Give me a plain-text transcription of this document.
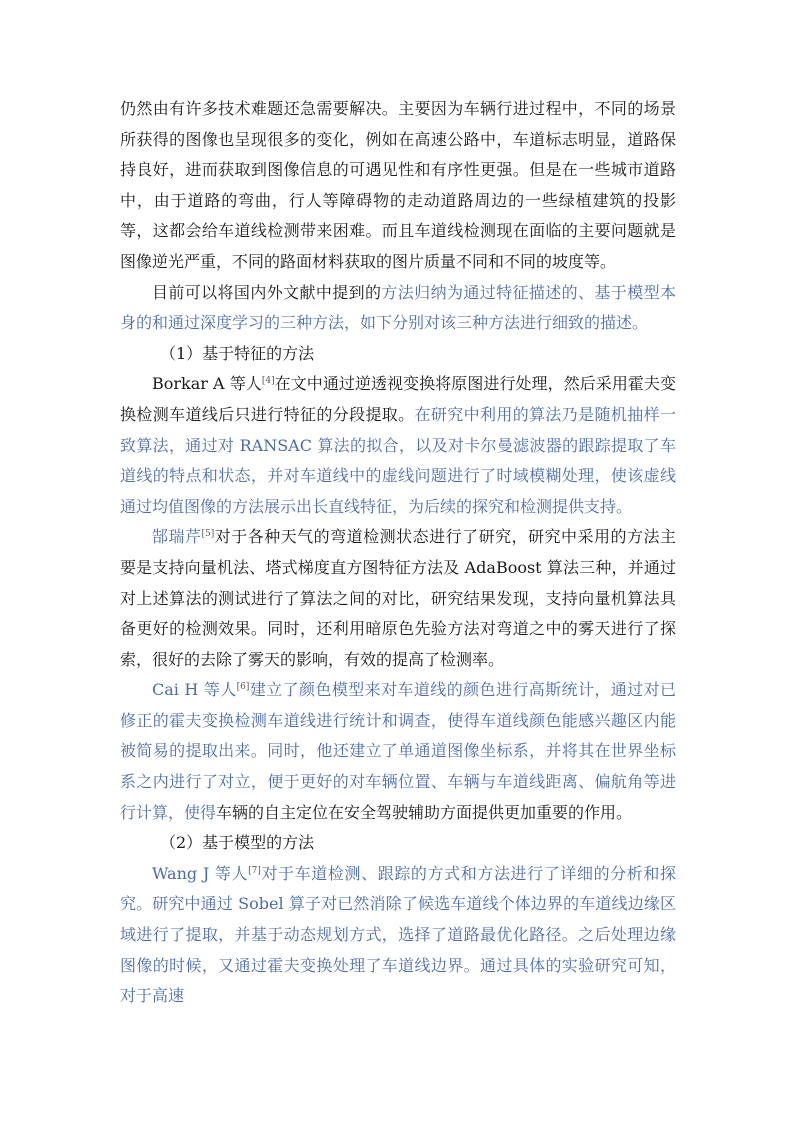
仍然由有许多技术难题还急需要解决。主要因为车辆行进过程中，不同的场景所获得的图像也呈现很多的变化，例如在高速公路中，车道标志明显，道路保持良好，进而获取到图像信息的可遇见性和有序性更强。但是在一些城市道路中，由于道路的弯曲，行人等障碍物的走动道路周边的一些绿植建筑的投影等，这都会给车道线检测带来困难。而且车道线检测现在面临的主要问题就是图像逆光严重，不同的路面材料获取的图片质量不同和不同的坡度等。

目前可以将国内外文献中提到的方法归纳为通过特征描述的、基于模型本身的和通过深度学习的三种方法，如下分别对该三种方法进行细致的描述。

（1）基于特征的方法

Borkar A 等人[4]在文中通过逆透视变换将原图进行处理，然后采用霍夫变换检测车道线后只进行特征的分段提取。在研究中利用的算法乃是随机抽样一致算法，通过对 RANSAC 算法的拟合，以及对卡尔曼滤波器的跟踪提取了车道线的特点和状态，并对车道线中的虚线问题进行了时域模糊处理，使该虚线通过均值图像的方法展示出长直线特征，为后续的探究和检测提供支持。

郜瑞芹[5]对于各种天气的弯道检测状态进行了研究，研究中采用的方法主要是支持向量机法、塔式梯度直方图特征方法及 AdaBoost 算法三种，并通过对上述算法的测试进行了算法之间的对比，研究结果发现，支持向量机算法具备更好的检测效果。同时，还利用暗原色先验方法对弯道之中的雾天进行了探索，很好的去除了雾天的影响，有效的提高了检测率。

Cai H 等人[6]建立了颜色模型来对车道线的颜色进行高斯统计，通过对已修正的霍夫变换检测车道线进行统计和调查，使得车道线颜色能感兴趣区内能被简易的提取出来。同时，他还建立了单通道图像坐标系，并将其在世界坐标系之内进行了对立，便于更好的对车辆位置、车辆与车道线距离、偏航角等进行计算，使得车辆的自主定位在安全驾驶辅助方面提供更加重要的作用。

（2）基于模型的方法

Wang J 等人[7]对于车道检测、跟踪的方式和方法进行了详细的分析和探究。研究中通过 Sobel 算子对已然消除了候选车道线个体边界的车道线边缘区域进行了提取，并基于动态规划方式，选择了道路最优化路径。之后处理边缘图像的时候，又通过霍夫变换处理了车道线边界。通过具体的实验研究可知，对于高速
